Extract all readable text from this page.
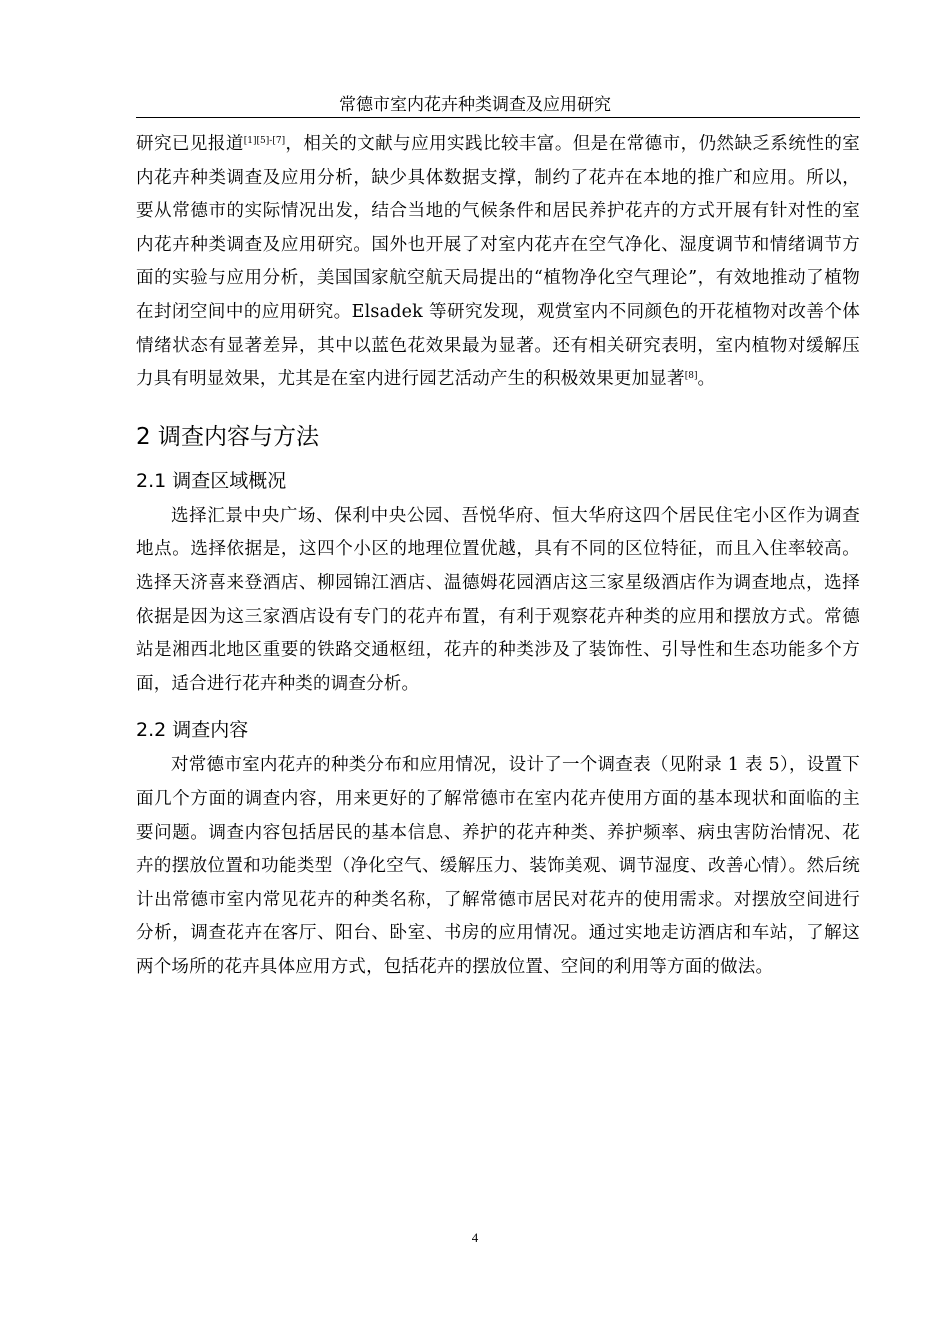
常德市室内花卉种类调查及应用研究

研究已见报道[1][5]-[7]，相关的文献与应用实践比较丰富。但是在常德市，仍然缺乏系统性的室内花卉种类调查及应用分析，缺少具体数据支撑，制约了花卉在本地的推广和应用。所以，要从常德市的实际情况出发，结合当地的气候条件和居民养护花卉的方式开展有针对性的室内花卉种类调查及应用研究。国外也开展了对室内花卉在空气净化、湿度调节和情绪调节方面的实验与应用分析，美国国家航空航天局提出的“植物净化空气理论”，有效地推动了植物在封闭空间中的应用研究。Elsadek 等研究发现，观赏室内不同颜色的开花植物对改善个体情绪状态有显著差异，其中以蓝色花效果最为显著。还有相关研究表明，室内植物对缓解压力具有明显效果，尤其是在室内进行园艺活动产生的积极效果更加显著[8]。

2 调查内容与方法
2.1 调查区域概况

选择汇景中央广场、保利中央公园、吾悦华府、恒大华府这四个居民住宅小区作为调查地点。选择依据是，这四个小区的地理位置优越，具有不同的区位特征，而且入住率较高。选择天济喜来登酒店、柳园锦江酒店、温德姆花园酒店这三家星级酒店作为调查地点，选择依据是因为这三家酒店设有专门的花卉布置，有利于观察花卉种类的应用和摆放方式。常德站是湘西北地区重要的铁路交通枢纽，花卉的种类涉及了装饰性、引导性和生态功能多个方面，适合进行花卉种类的调查分析。

2.2 调查内容

对常德市室内花卉的种类分布和应用情况，设计了一个调查表（见附录 1 表 5），设置下面几个方面的调查内容，用来更好的了解常德市在室内花卉使用方面的基本现状和面临的主要问题。调查内容包括居民的基本信息、养护的花卉种类、养护频率、病虫害防治情况、花卉的摆放位置和功能类型（净化空气、缓解压力、装饰美观、调节湿度、改善心情）。然后统计出常德市室内常见花卉的种类名称，了解常德市居民对花卉的使用需求。对摆放空间进行分析，调查花卉在客厅、阳台、卧室、书房的应用情况。通过实地走访酒店和车站，了解这两个场所的花卉具体应用方式，包括花卉的摆放位置、空间的利用等方面的做法。

4
